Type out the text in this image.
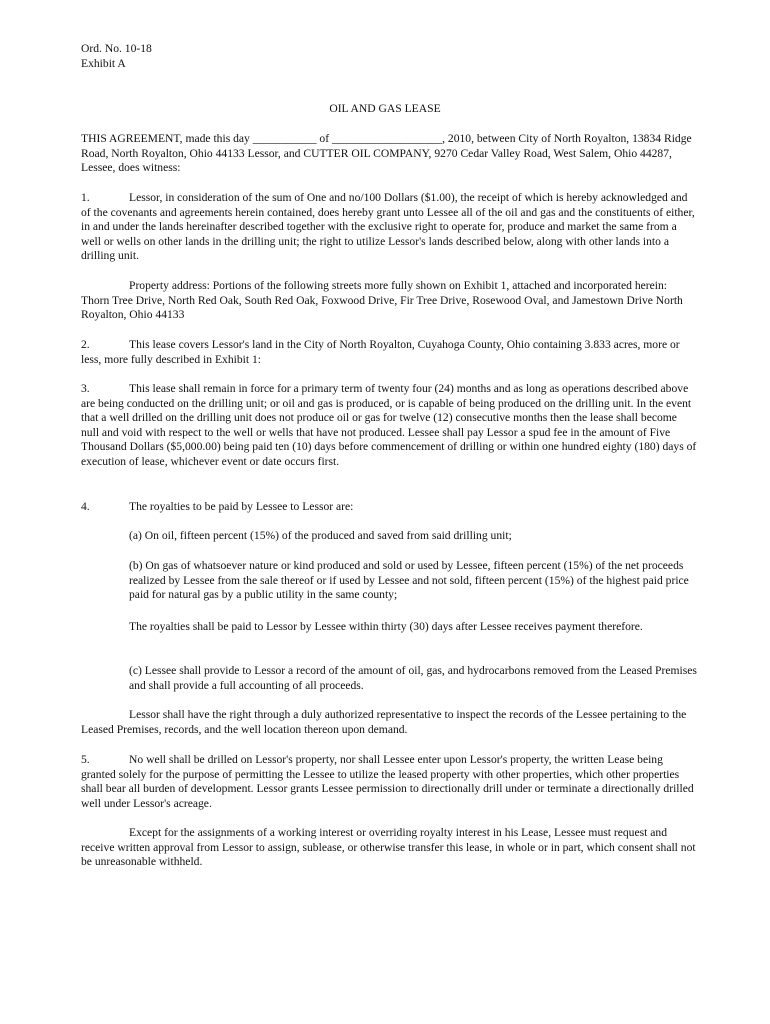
Ord. No. 10-18

Exhibit A

OIL AND GAS LEASE

THIS AGREEMENT, made this day ___________ of ___________________, 2010, between City of North Royalton, 13834 Ridge Road, North Royalton, Ohio 44133 Lessor, and CUTTER OIL COMPANY, 9270 Cedar Valley Road, West Salem, Ohio 44287, Lessee, does witness:

1.	Lessor, in consideration of the sum of One and no/100 Dollars ($1.00), the receipt of which is hereby acknowledged and of the covenants and agreements herein contained, does hereby grant unto Lessee all of the oil and gas and the constituents of either, in and under the lands hereinafter described together with the exclusive right to operate for, produce and market the same from a well or wells on other lands in the drilling unit; the right to utilize Lessor's lands described below, along with other lands into a drilling unit.

Property address: Portions of the following streets more fully shown on Exhibit 1, attached and incorporated herein: Thorn Tree Drive, North Red Oak, South Red Oak, Foxwood Drive, Fir Tree Drive, Rosewood Oval, and Jamestown Drive North Royalton, Ohio 44133

2.	This lease covers Lessor's land in the City of North Royalton, Cuyahoga County, Ohio containing 3.833 acres, more or less, more fully described in Exhibit 1:

3.	This lease shall remain in force for a primary term of twenty four (24) months and as long as operations described above are being conducted on the drilling unit; or oil and gas is produced, or is capable of being produced on the drilling unit. In the event that a well drilled on the drilling unit does not produce oil or gas for twelve (12) consecutive months then the lease shall become null and void with respect to the well or wells that have not produced. Lessee shall pay Lessor a spud fee in the amount of Five Thousand Dollars ($5,000.00) being paid ten (10) days before commencement of drilling or within one hundred eighty (180) days of execution of lease, whichever event or date occurs first.

4.	The royalties to be paid by Lessee to Lessor are:

(a) On oil, fifteen percent (15%) of the produced and saved from said drilling unit;

(b) On gas of whatsoever nature or kind produced and sold or used by Lessee, fifteen percent (15%) of the net proceeds realized by Lessee from the sale thereof or if used by Lessee and not sold, fifteen percent (15%) of the highest paid price paid for natural gas by a public utility in the same county;

The royalties shall be paid to Lessor by Lessee within thirty (30) days after Lessee receives payment therefore.

(c) Lessee shall provide to Lessor a record of the amount of oil, gas, and hydrocarbons removed from the Leased Premises and shall provide a full accounting of all proceeds.

Lessor shall have the right through a duly authorized representative to inspect the records of the Lessee pertaining to the Leased Premises, records, and the well location thereon upon demand.

5.	No well shall be drilled on Lessor's property, nor shall Lessee enter upon Lessor's property, the written Lease being granted solely for the purpose of permitting the Lessee to utilize the leased property with other properties, which other properties shall bear all burden of development. Lessor grants Lessee permission to directionally drill under or terminate a directionally drilled well under Lessor's acreage.

Except for the assignments of a working interest or overriding royalty interest in his Lease, Lessee must request and receive written approval from Lessor to assign, sublease, or otherwise transfer this lease, in whole or in part, which consent shall not be unreasonable withheld.
